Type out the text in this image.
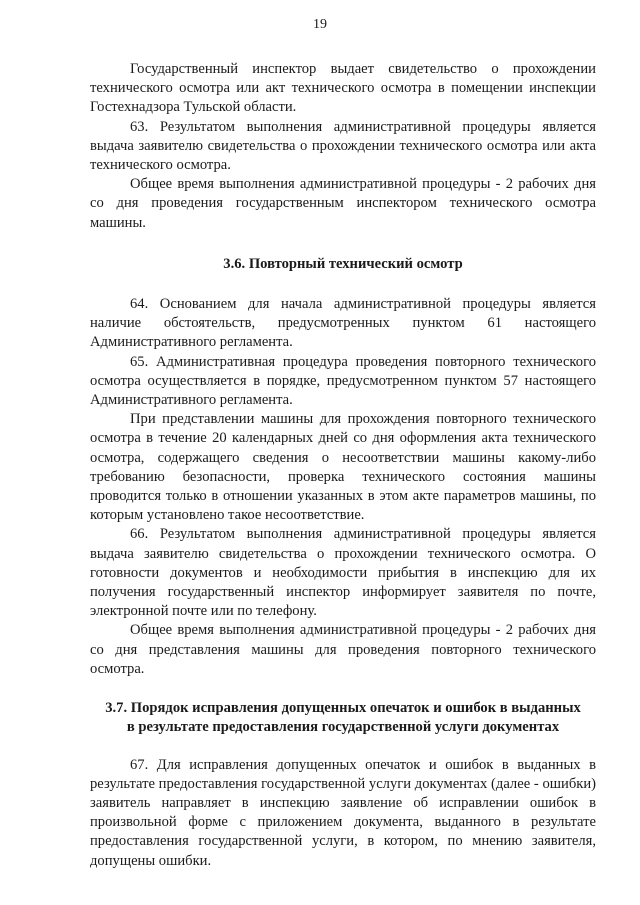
19

Государственный инспектор выдает свидетельство о прохождении технического осмотра или акт технического осмотра в помещении инспекции Гостехнадзора Тульской области.

63. Результатом выполнения административной процедуры является выдача заявителю свидетельства о прохождении технического осмотра или акта технического осмотра.

Общее время выполнения административной процедуры - 2 рабочих дня со дня проведения государственным инспектором технического осмотра машины.

3.6. Повторный технический осмотр

64. Основанием для начала административной процедуры является наличие обстоятельств, предусмотренных пунктом 61 настоящего Административного регламента.

65. Административная процедура проведения повторного технического осмотра осуществляется в порядке, предусмотренном пунктом 57 настоящего Административного регламента.

При представлении машины для прохождения повторного технического осмотра в течение 20 календарных дней со дня оформления акта технического осмотра, содержащего сведения о несоответствии машины какому-либо требованию безопасности, проверка технического состояния машины проводится только в отношении указанных в этом акте параметров машины, по которым установлено такое несоответствие.

66. Результатом выполнения административной процедуры является выдача заявителю свидетельства о прохождении технического осмотра. О готовности документов и необходимости прибытия в инспекцию для их получения государственный инспектор информирует заявителя по почте, электронной почте или по телефону.

Общее время выполнения административной процедуры - 2 рабочих дня со дня представления машины для проведения повторного технического осмотра.

3.7. Порядок исправления допущенных опечаток и ошибок в выданных
в результате предоставления государственной услуги документах

67. Для исправления допущенных опечаток и ошибок в выданных в результате предоставления государственной услуги документах (далее - ошибки) заявитель направляет в инспекцию заявление об исправлении ошибок в произвольной форме с приложением документа, выданного в результате предоставления государственной услуги, в котором, по мнению заявителя, допущены ошибки.
